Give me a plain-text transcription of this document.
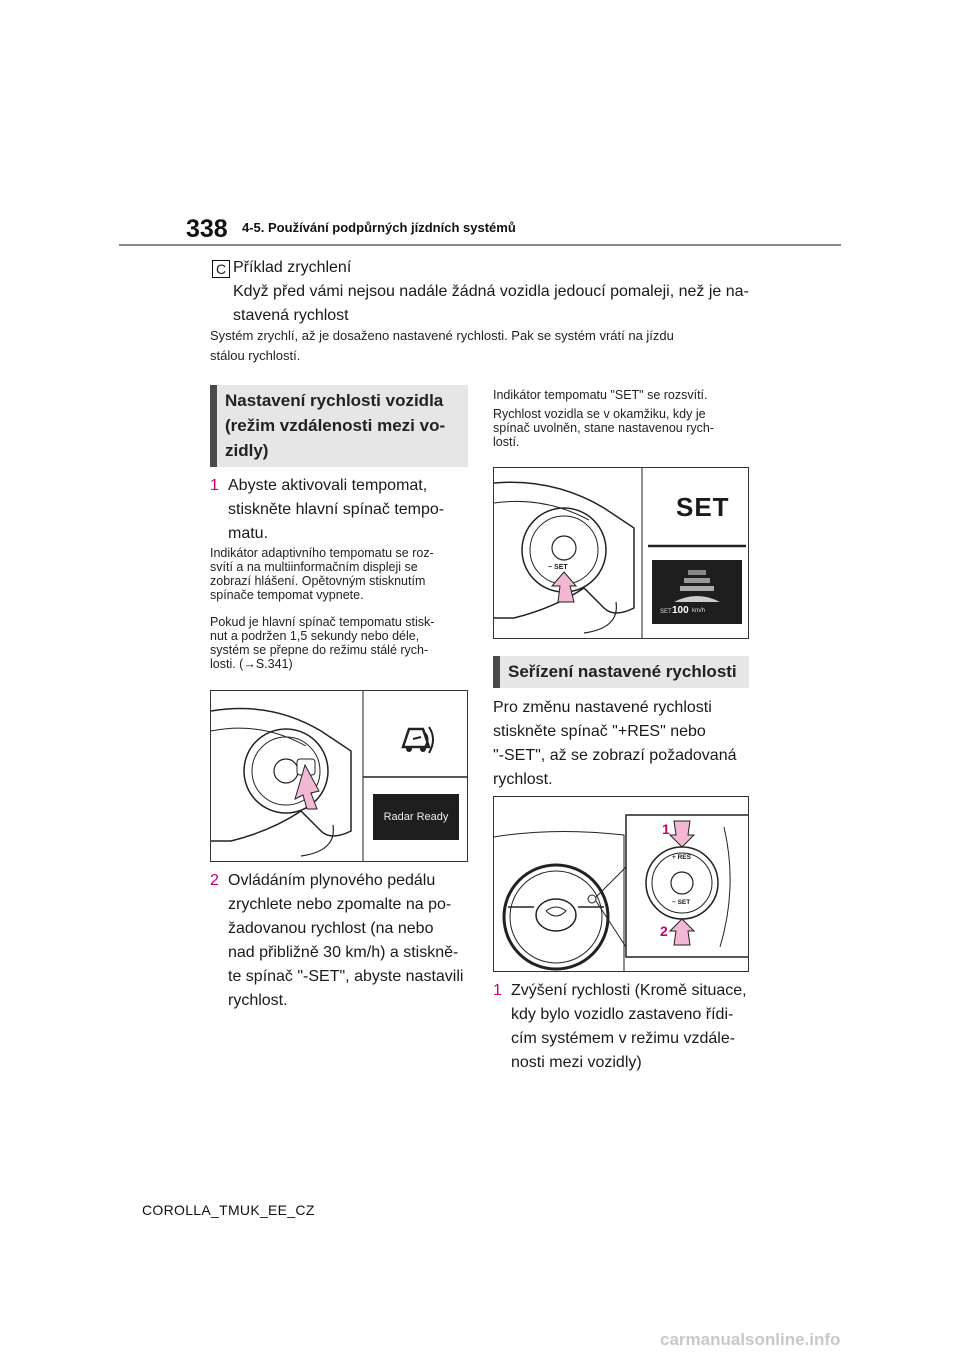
338 4-5. Používání podpůrných jízdních systémů
C Příklad zrychlení
Když před vámi nejsou nadále žádná vozidla jedoucí pomaleji, než je na-
stavená rychlost
Systém zrychlí, až je dosaženo nastavené rychlosti. Pak se systém vrátí na jízdu
stálou rychlostí.
Nastavení rychlosti vozidla
(režim vzdálenosti mezi vo-
zidly)
1 Abyste aktivovali tempomat,
stiskněte hlavní spínač tempo-
matu.
Indikátor adaptivního tempomatu se roz-
svítí a na multiinformačním displeji se
zobrazí hlášení. Opětovným stisknutím
spínače tempomat vypnete.
Pokud je hlavní spínač tempomatu stisk-
nut a podržen 1,5 sekundy nebo déle,
systém se přepne do režimu stálé rych-
losti. (→S.341)
Radar Ready
2 Ovládáním plynového pedálu
zrychlete nebo zpomalte na po-
žadovanou rychlost (na nebo
nad přibližně 30 km/h) a stiskně-
te spínač "-SET", abyste nastavili
rychlost.
Indikátor tempomatu "SET" se rozsvítí.
Rychlost vozidla se v okamžiku, kdy je
spínač uvolněn, stane nastavenou rych-
lostí.
− SET
SET
SET 100 km/h
Seřízení nastavené rychlosti
Pro změnu nastavené rychlosti
stiskněte spínač "+RES" nebo
"-SET", až se zobrazí požadovaná
rychlost.
+ RES
− SET
1
2
1 Zvýšení rychlosti (Kromě situace,
kdy bylo vozidlo zastaveno řídi-
cím systémem v režimu vzdále-
nosti mezi vozidly)
COROLLA_TMUK_EE_CZ
carmanualsonline.info
